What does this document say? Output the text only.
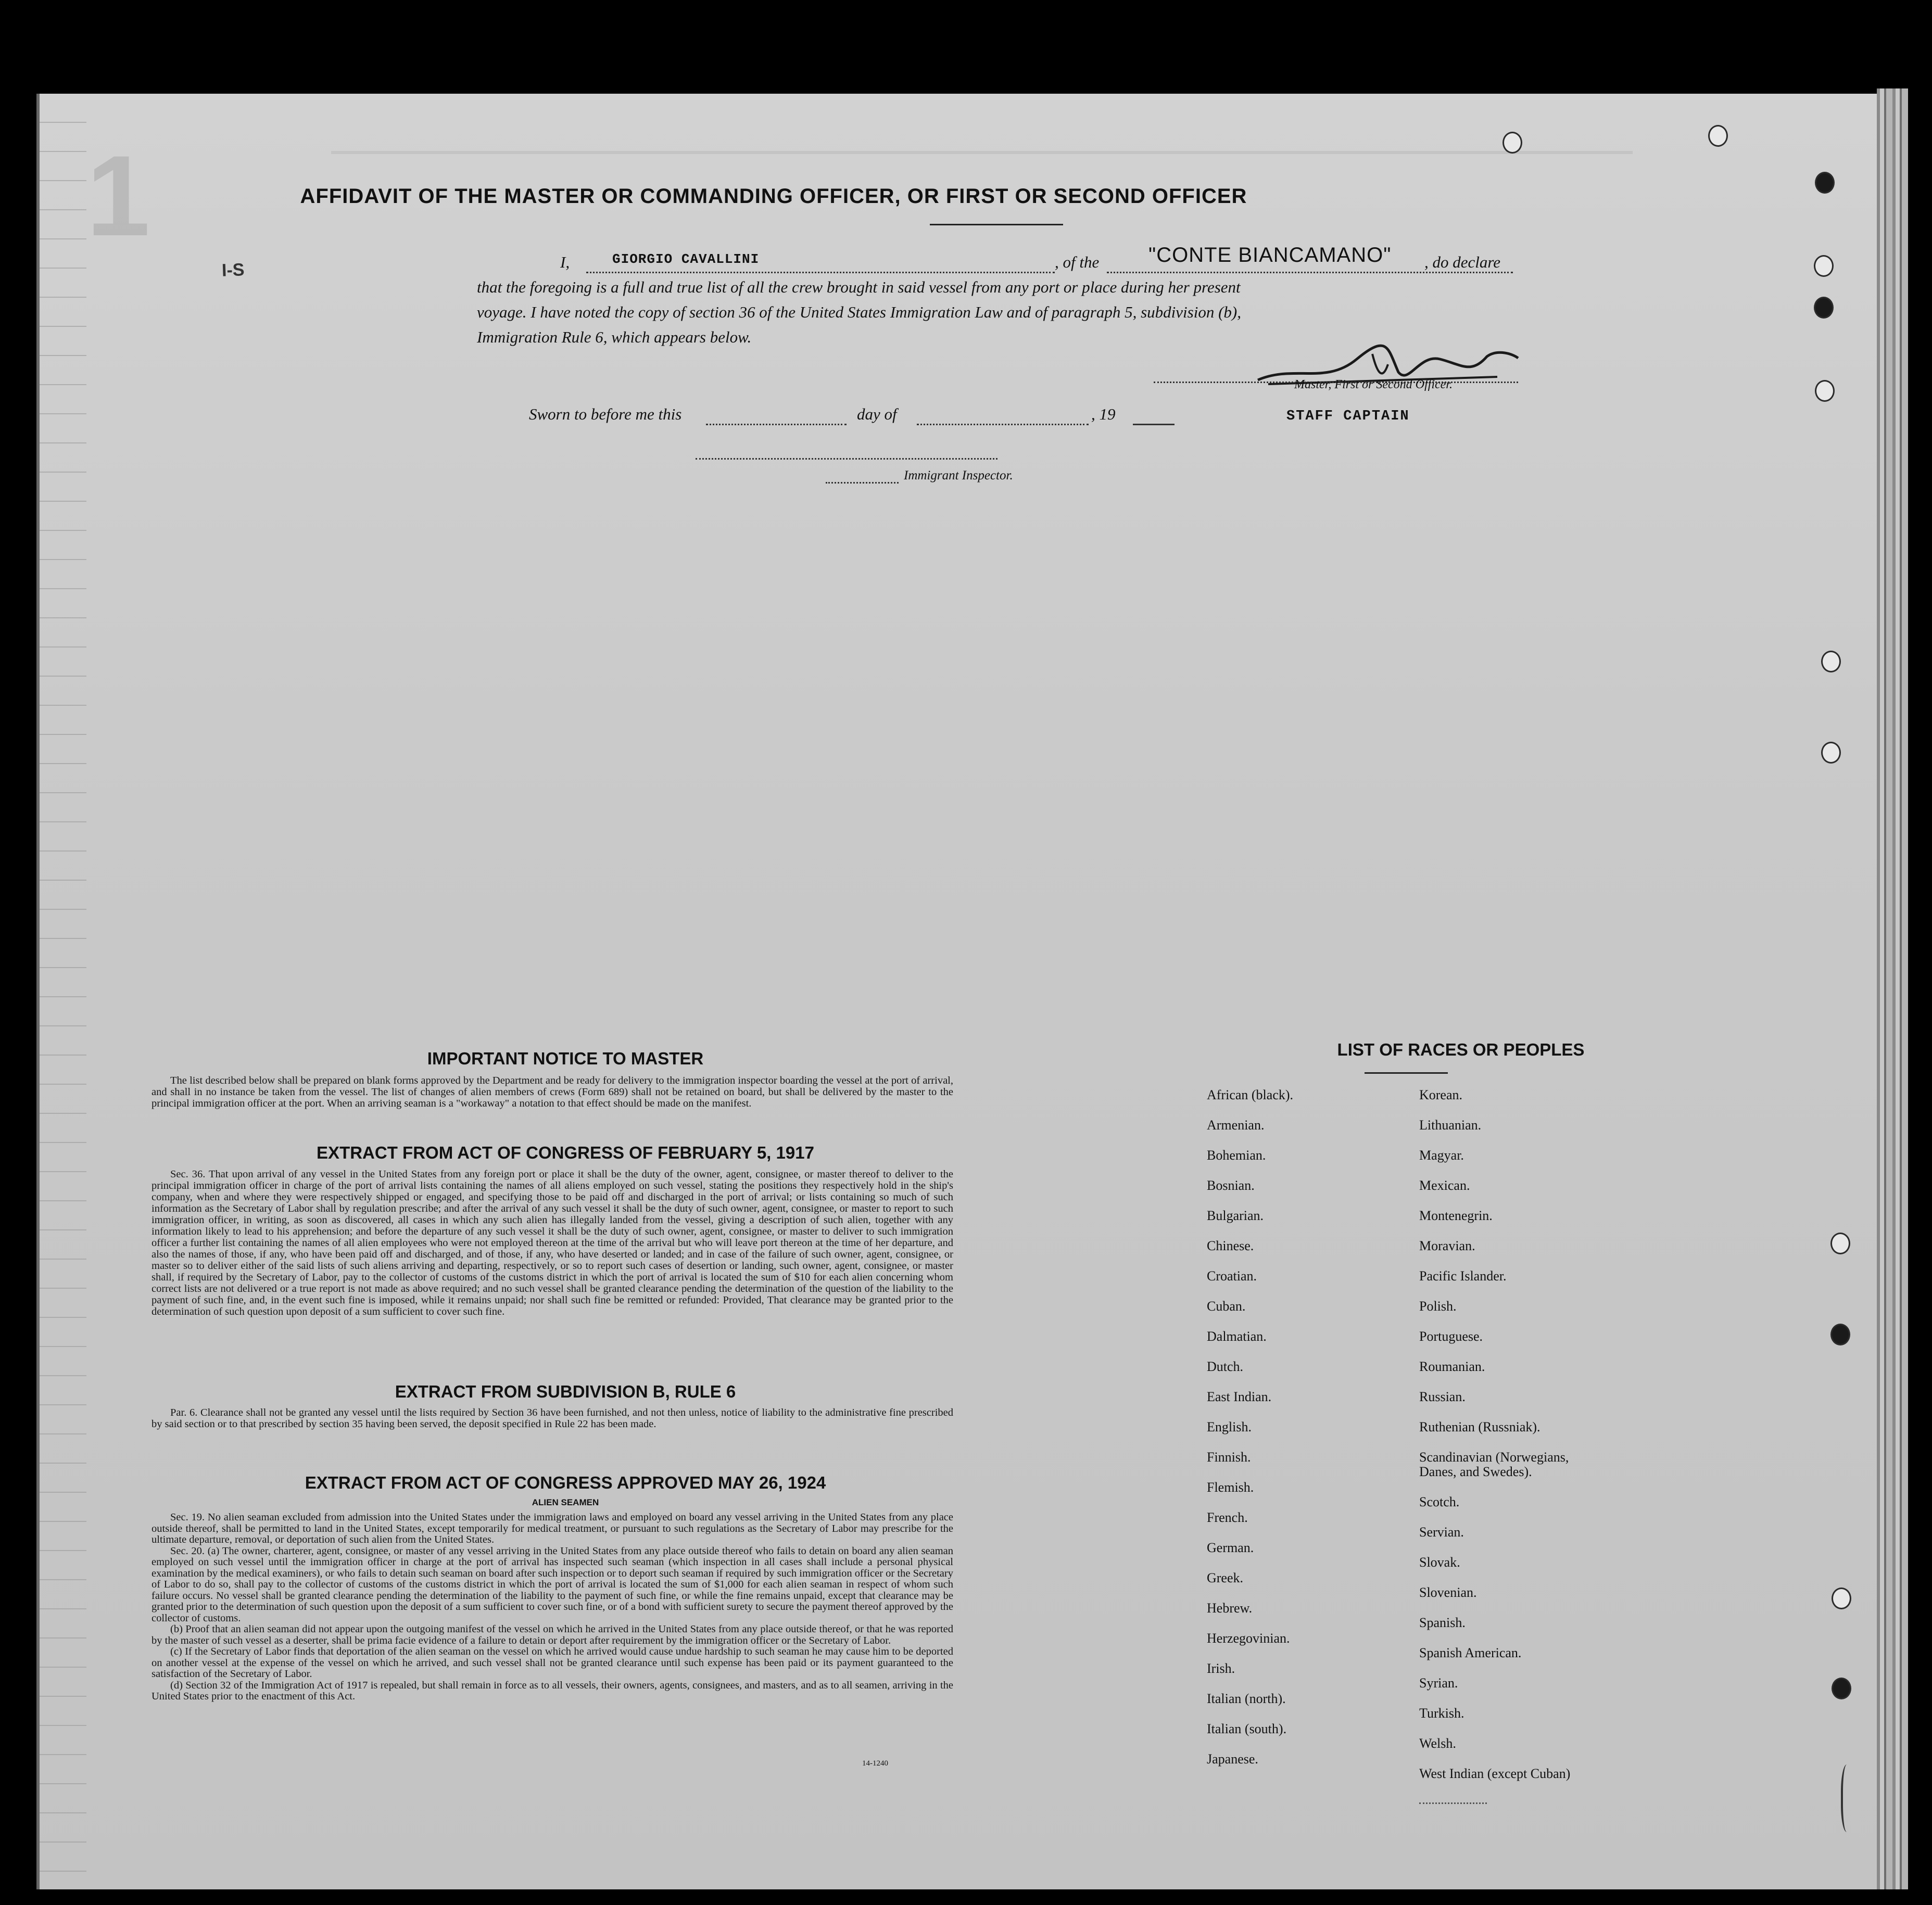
1
I-S
AFFIDAVIT OF THE MASTER OR COMMANDING OFFICER, OR FIRST OR SECOND OFFICER
I,	GIORGIO CAVALLINI	, of the "CONTE BIANCAMANO" , do declare
that the foregoing is a full and true list of all the crew brought in said vessel from any port or place during her present
voyage. I have noted the copy of section 36 of the United States Immigration Law and of paragraph 5, subdivision (b),
Immigration Rule 6, which appears below.
Master, First or Second Officer.
Sworn to before me this	day of	, 19	STAFF CAPTAIN
Immigrant Inspector.
IMPORTANT NOTICE TO MASTER

The list described below shall be prepared on blank forms approved by the Department and be ready for delivery to the immigration inspector boarding the vessel at the port of arrival, and shall in no instance be taken from the vessel. The list of changes of alien members of crews (Form 689) shall not be retained on board, but shall be delivered by the master to the principal immigration officer at the port. When an arriving seaman is a "workaway" a notation to that effect should be made on the manifest.

EXTRACT FROM ACT OF CONGRESS OF FEBRUARY 5, 1917

Sec. 36. That upon arrival of any vessel in the United States from any foreign port or place it shall be the duty of the owner, agent, consignee, or master thereof to deliver to the principal immigration officer in charge of the port of arrival lists containing the names of all aliens employed on such vessel, stating the positions they respectively hold in the ship's company, when and where they were respectively shipped or engaged, and specifying those to be paid off and discharged in the port of arrival; or lists containing so much of such information as the Secretary of Labor shall by regulation prescribe; and after the arrival of any such vessel it shall be the duty of such owner, agent, consignee, or master to report to such immigration officer, in writing, as soon as discovered, all cases in which any such alien has illegally landed from the vessel, giving a description of such alien, together with any information likely to lead to his apprehension; and before the departure of any such vessel it shall be the duty of such owner, agent, consignee, or master to deliver to such immigration officer a further list containing the names of all alien employees who were not employed thereon at the time of the arrival but who will leave port thereon at the time of her departure, and also the names of those, if any, who have been paid off and discharged, and of those, if any, who have deserted or landed; and in case of the failure of such owner, agent, consignee, or master so to deliver either of the said lists of such aliens arriving and departing, respectively, or so to report such cases of desertion or landing, such owner, agent, consignee, or master shall, if required by the Secretary of Labor, pay to the collector of customs of the customs district in which the port of arrival is located the sum of $10 for each alien concerning whom correct lists are not delivered or a true report is not made as above required; and no such vessel shall be granted clearance pending the determination of the question of the liability to the payment of such fine, and, in the event such fine is imposed, while it remains unpaid; nor shall such fine be remitted or refunded: Provided, That clearance may be granted prior to the determination of such question upon deposit of a sum sufficient to cover such fine.

EXTRACT FROM SUBDIVISION B, RULE 6

Par. 6. Clearance shall not be granted any vessel until the lists required by Section 36 have been furnished, and not then unless, notice of liability to the administrative fine prescribed by said section or to that prescribed by section 35 having been served, the deposit specified in Rule 22 has been made.

EXTRACT FROM ACT OF CONGRESS APPROVED MAY 26, 1924
ALIEN SEAMEN

Sec. 19. No alien seaman excluded from admission into the United States under the immigration laws and employed on board any vessel arriving in the United States from any place outside thereof, shall be permitted to land in the United States, except temporarily for medical treatment, or pursuant to such regulations as the Secretary of Labor may prescribe for the ultimate departure, removal, or deportation of such alien from the United States.

Sec. 20. (a) The owner, charterer, agent, consignee, or master of any vessel arriving in the United States from any place outside thereof who fails to detain on board any alien seaman employed on such vessel until the immigration officer in charge at the port of arrival has inspected such seaman (which inspection in all cases shall include a personal physical examination by the medical examiners), or who fails to detain such seaman on board after such inspection or to deport such seaman if required by such immigration officer or the Secretary of Labor to do so, shall pay to the collector of customs of the customs district in which the port of arrival is located the sum of $1,000 for each alien seaman in respect of whom such failure occurs. No vessel shall be granted clearance pending the determination of the liability to the payment of such fine, or while the fine remains unpaid, except that clearance may be granted prior to the determination of such question upon the deposit of a sum sufficient to cover such fine, or of a bond with sufficient surety to secure the payment thereof approved by the collector of customs.

(b) Proof that an alien seaman did not appear upon the outgoing manifest of the vessel on which he arrived in the United States from any place outside thereof, or that he was reported by the master of such vessel as a deserter, shall be prima facie evidence of a failure to detain or deport after requirement by the immigration officer or the Secretary of Labor.

(c) If the Secretary of Labor finds that deportation of the alien seaman on the vessel on which he arrived would cause undue hardship to such seaman he may cause him to be deported on another vessel at the expense of the vessel on which he arrived, and such vessel shall not be granted clearance until such expense has been paid or its payment guaranteed to the satisfaction of the Secretary of Labor.

(d) Section 32 of the Immigration Act of 1917 is repealed, but shall remain in force as to all vessels, their owners, agents, consignees, and masters, and as to all seamen, arriving in the United States prior to the enactment of this Act.

14-1240
LIST OF RACES OR PEOPLES
African (black).
Armenian.
Bohemian.
Bosnian.
Bulgarian.
Chinese.
Croatian.
Cuban.
Dalmatian.
Dutch.
East Indian.
English.
Finnish.
Flemish.
French.
German.
Greek.
Hebrew.
Herzegovinian.
Irish.
Italian (north).
Italian (south).
Japanese.
Korean.
Lithuanian.
Magyar.
Mexican.
Montenegrin.
Moravian.
Pacific Islander.
Polish.
Portuguese.
Roumanian.
Russian.
Ruthenian (Russniak).
Scandinavian (Norwegians,
Danes, and Swedes).
Scotch.
Servian.
Slovak.
Slovenian.
Spanish.
Spanish American.
Syrian.
Turkish.
Welsh.
West Indian (except Cuban)
